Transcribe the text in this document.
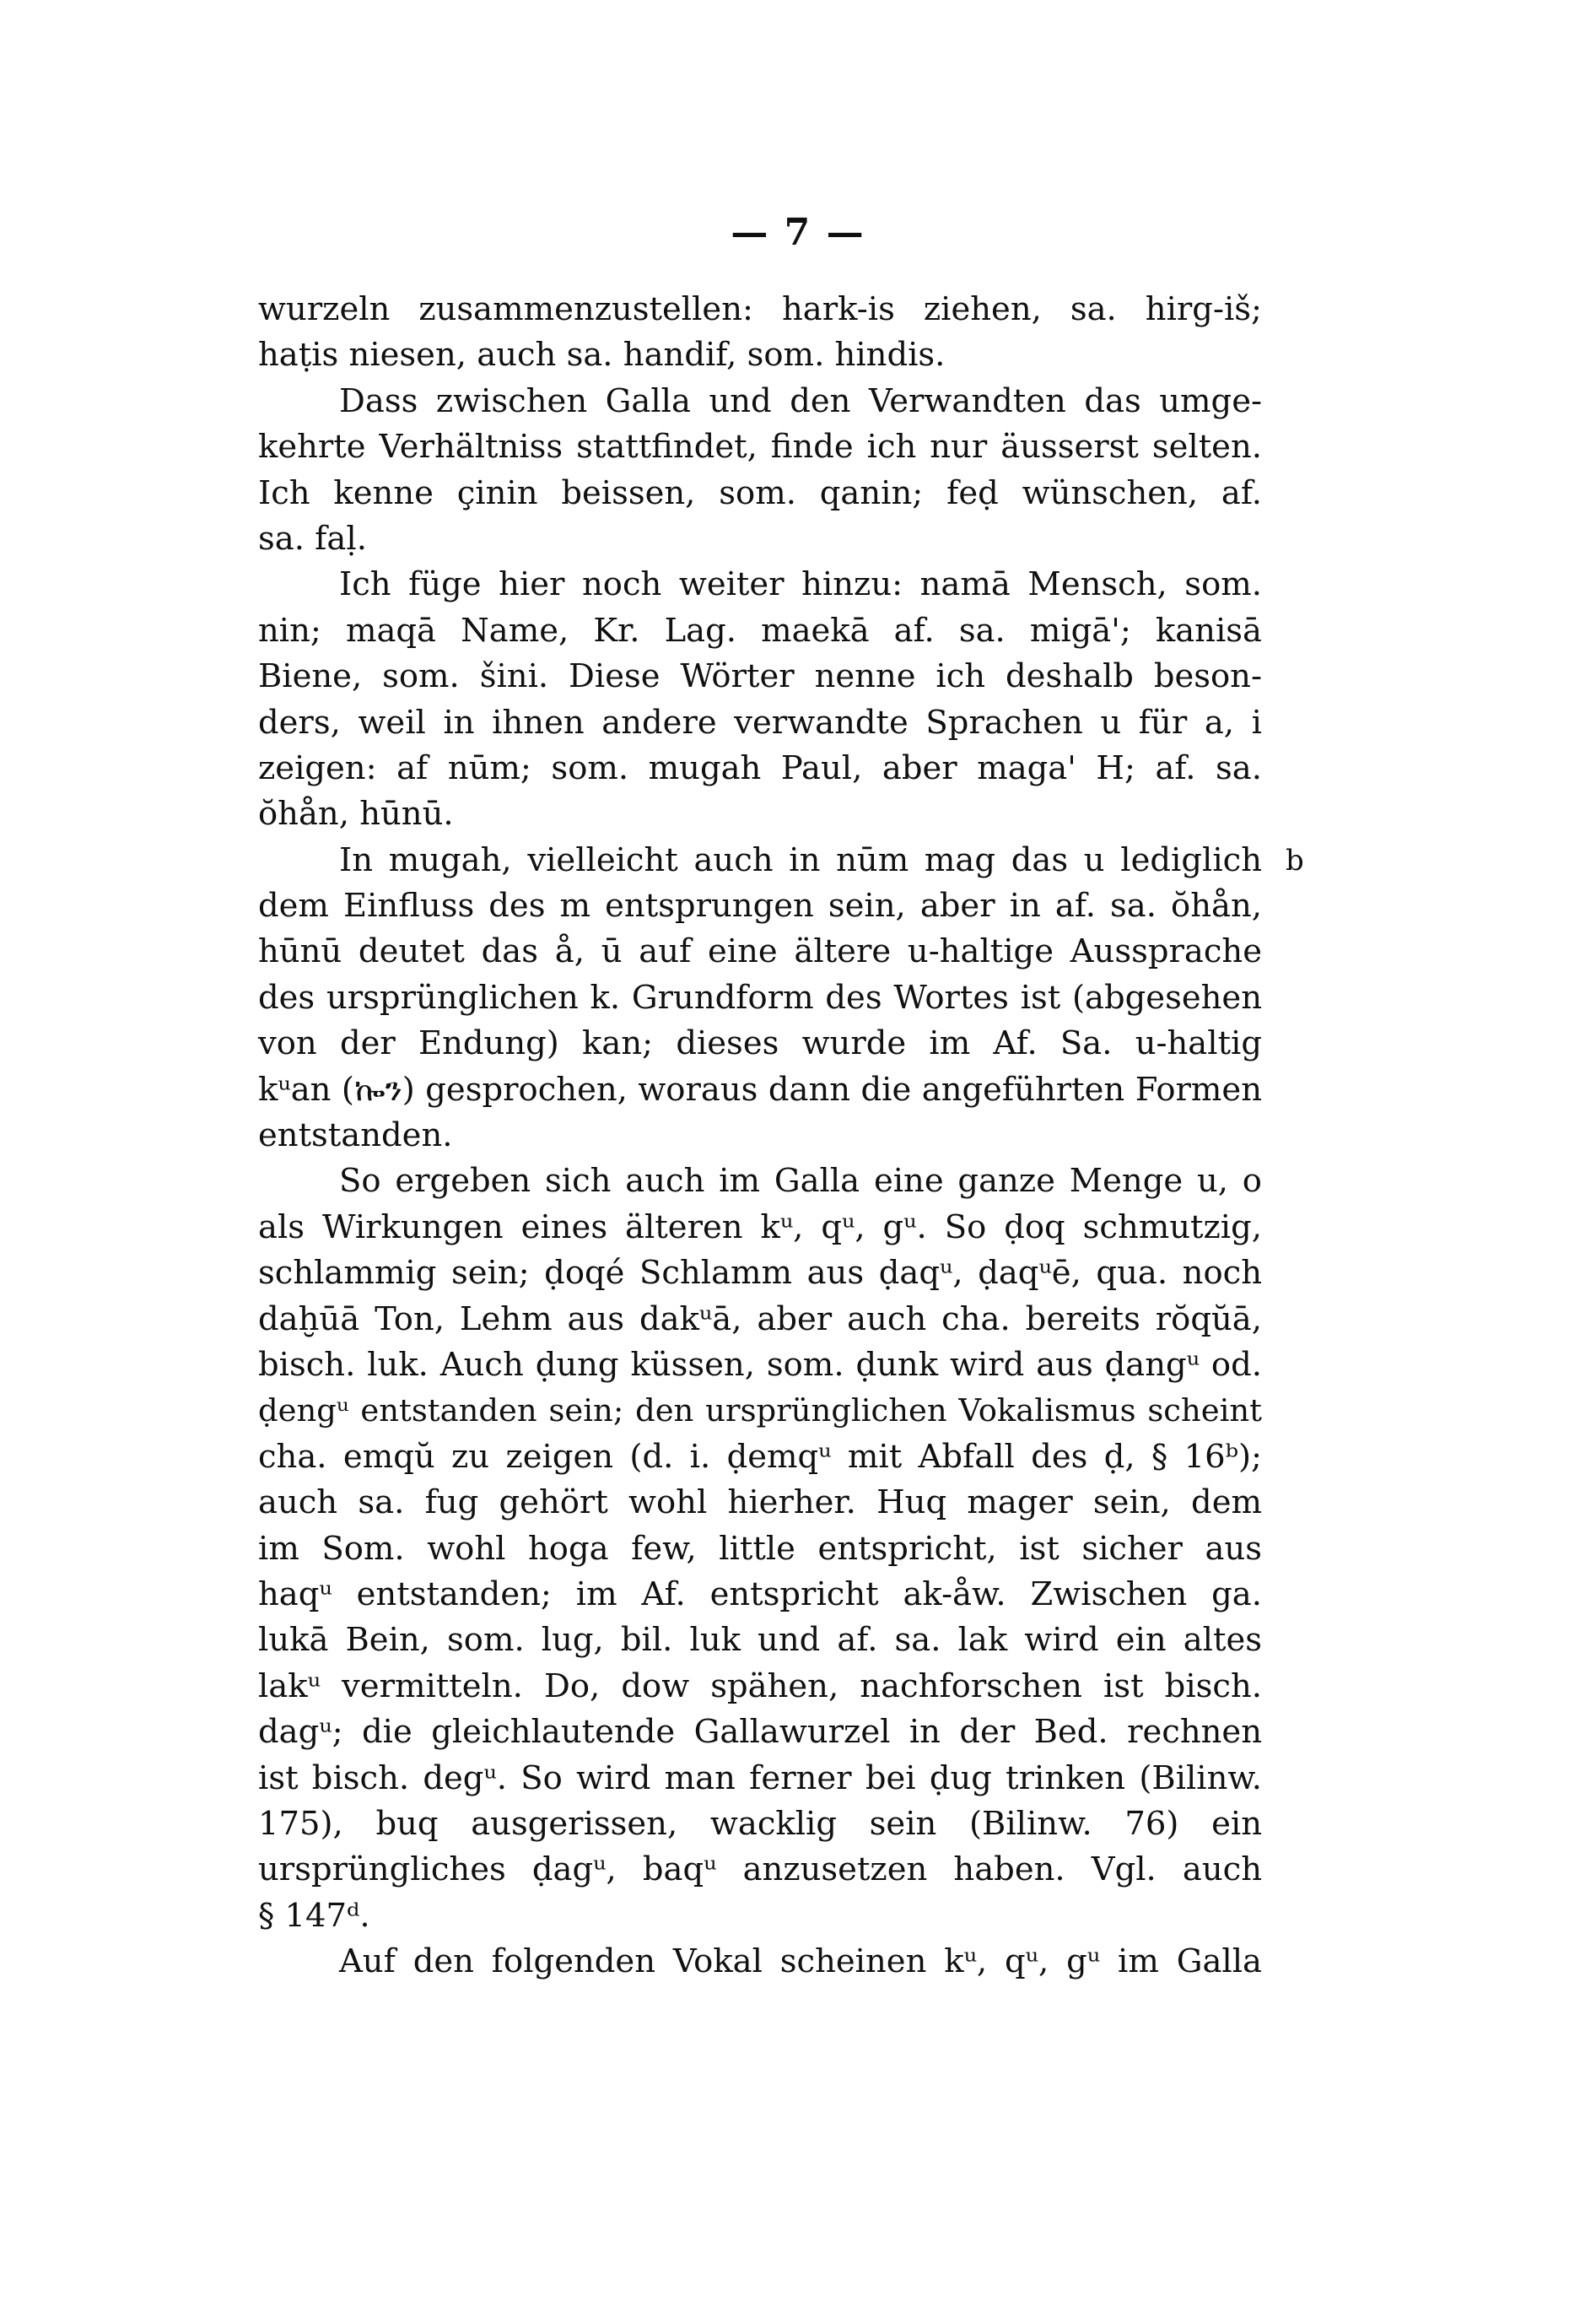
— 7 —
b
wurzeln zusammenzustellen: hark-is ziehen, sa. hirg-iš;
haṭis niesen, auch sa. handif, som. hindis.
Dass zwischen Galla und den Verwandten das umge-
kehrte Verhältniss stattfindet, finde ich nur äusserst selten.
Ich kenne çinin beissen, som. qanin; feḍ wünschen, af.
sa. faḷ.
Ich füge hier noch weiter hinzu: namā Mensch, som.
nin; maqā Name, Kr. Lag. maekā af. sa. migā'; kanisā
Biene, som. šini. Diese Wörter nenne ich deshalb beson-
ders, weil in ihnen andere verwandte Sprachen u für a, i
zeigen: af nūm; som. mugah Paul, aber maga' H; af. sa.
ŏhån, hūnū.
In mugah, vielleicht auch in nūm mag das u lediglich
dem Einfluss des m entsprungen sein, aber in af. sa. ŏhån,
hūnū deutet das å, ū auf eine ältere u-haltige Aussprache
des ursprünglichen k. Grundform des Wortes ist (abgesehen
von der Endung) kan; dieses wurde im Af. Sa. u-haltig
kᵘan (ኰን) gesprochen, woraus dann die angeführten Formen
entstanden.
So ergeben sich auch im Galla eine ganze Menge u, o
als Wirkungen eines älteren kᵘ, qᵘ, gᵘ. So ḍoq schmutzig,
schlammig sein; ḍoqé Schlamm aus ḍaqᵘ, ḍaqᵘē, qua. noch
daḫūā Ton, Lehm aus dakᵘā, aber auch cha. bereits rŏqŭā,
bisch. luk. Auch ḍung küssen, som. ḍunk wird aus ḍangᵘ od.
ḍengᵘ entstanden sein; den ursprünglichen Vokalismus scheint
cha. emqŭ zu zeigen (d. i. ḍemqᵘ mit Abfall des ḍ, § 16ᵇ);
auch sa. fug gehört wohl hierher. Huq mager sein, dem
im Som. wohl hoga few, little entspricht, ist sicher aus
haqᵘ entstanden; im Af. entspricht ak-åw. Zwischen ga.
lukā Bein, som. lug, bil. luk und af. sa. lak wird ein altes
lakᵘ vermitteln. Do, dow spähen, nachforschen ist bisch.
dagᵘ; die gleichlautende Gallawurzel in der Bed. rechnen
ist bisch. degᵘ. So wird man ferner bei ḍug trinken (Bilinw.
175), buq ausgerissen, wacklig sein (Bilinw. 76) ein
ursprüngliches ḍagᵘ, baqᵘ anzusetzen haben. Vgl. auch
§ 147ᵈ.
Auf den folgenden Vokal scheinen kᵘ, qᵘ, gᵘ im Galla
